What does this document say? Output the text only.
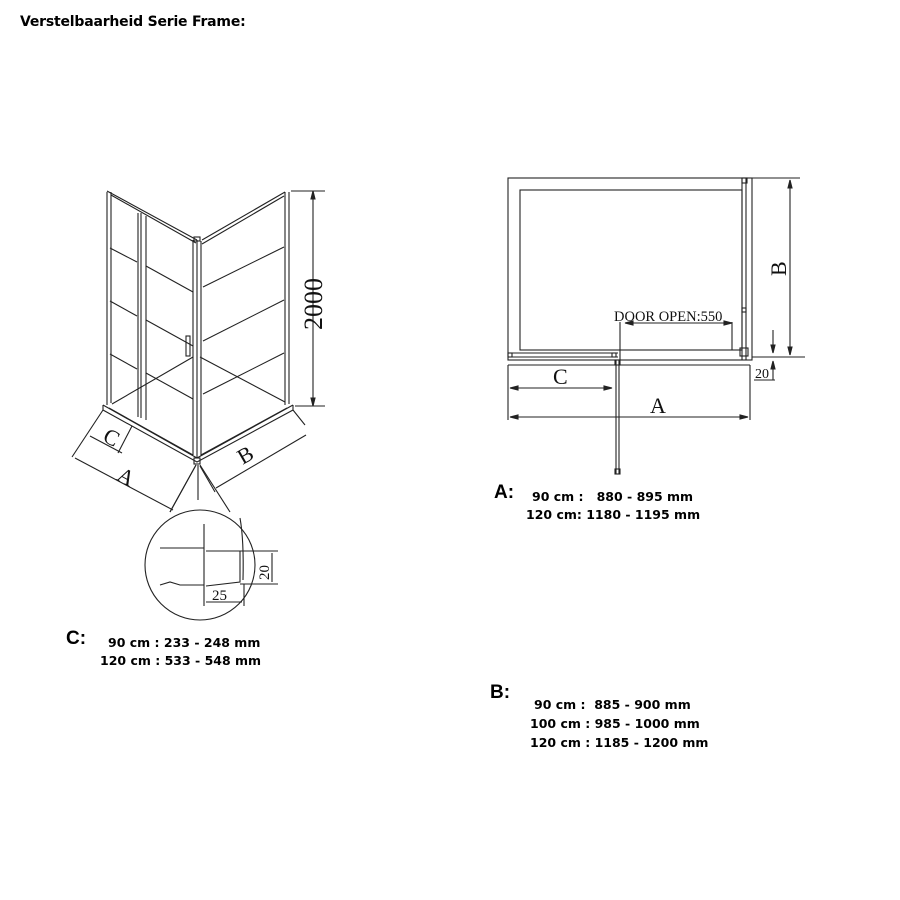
Verstelbaarheid Serie Frame:
2000
C
A
B
20
25
DOOR OPEN:550
C
A
B
20
A: 90 cm :   880 - 895 mm
120 cm: 1180 - 1195 mm
C: 90 cm : 233 - 248 mm
120 cm : 533 - 548 mm
B:
90 cm :  885 - 900 mm
100 cm : 985 - 1000 mm
120 cm : 1185 - 1200 mm
